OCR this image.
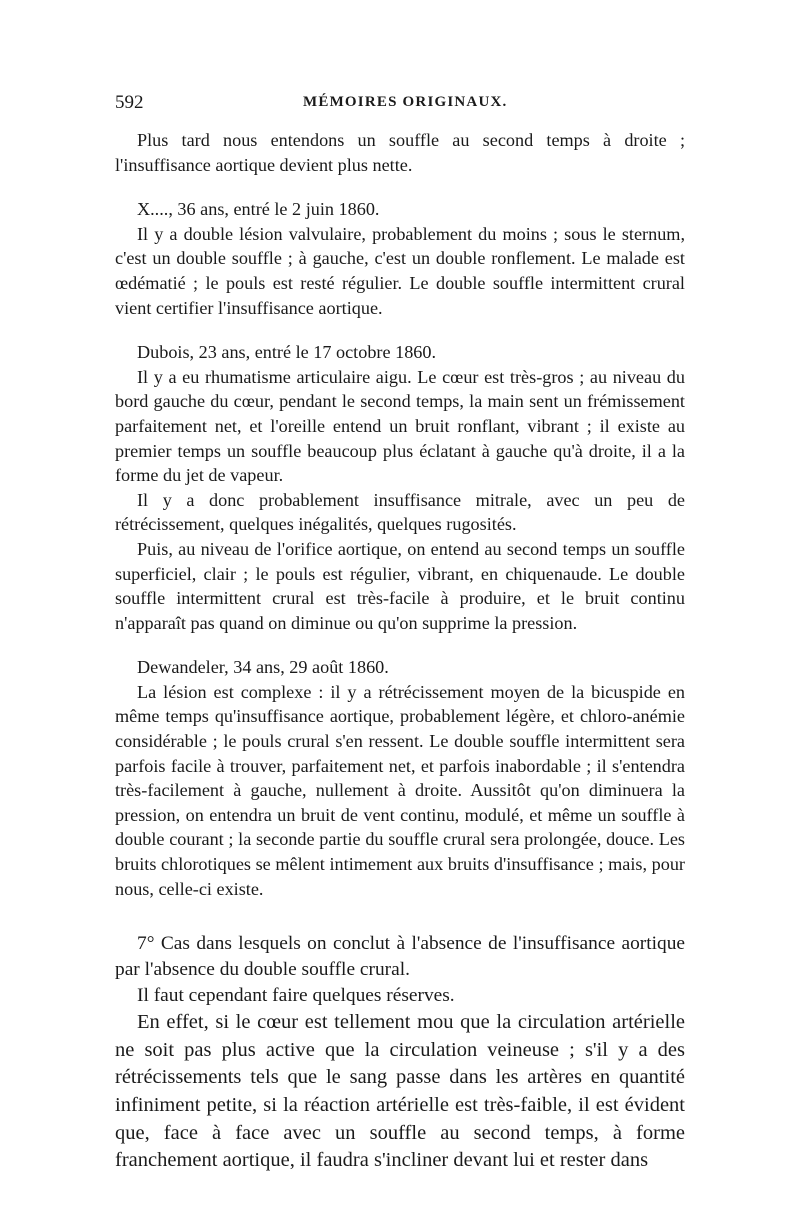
592	MÉMOIRES ORIGINAUX.

Plus tard nous entendons un souffle au second temps à droite ; l'insuffisance aortique devient plus nette.

X...., 36 ans, entré le 2 juin 1860.

Il y a double lésion valvulaire, probablement du moins ; sous le sternum, c'est un double souffle ; à gauche, c'est un double ronflement. Le malade est œdématié ; le pouls est resté régulier. Le double souffle intermittent crural vient certifier l'insuffisance aortique.

Dubois, 23 ans, entré le 17 octobre 1860.

Il y a eu rhumatisme articulaire aigu. Le cœur est très-gros ; au niveau du bord gauche du cœur, pendant le second temps, la main sent un frémissement parfaitement net, et l'oreille entend un bruit ronflant, vibrant ; il existe au premier temps un souffle beaucoup plus éclatant à gauche qu'à droite, il a la forme du jet de vapeur.

Il y a donc probablement insuffisance mitrale, avec un peu de rétrécissement, quelques inégalités, quelques rugosités.

Puis, au niveau de l'orifice aortique, on entend au second temps un souffle superficiel, clair ; le pouls est régulier, vibrant, en chiquenaude. Le double souffle intermittent crural est très-facile à produire, et le bruit continu n'apparaît pas quand on diminue ou qu'on supprime la pression.

Dewandeler, 34 ans, 29 août 1860.

La lésion est complexe : il y a rétrécissement moyen de la bicuspide en même temps qu'insuffisance aortique, probablement légère, et chloro-anémie considérable ; le pouls crural s'en ressent. Le double souffle intermittent sera parfois facile à trouver, parfaitement net, et parfois inabordable ; il s'entendra très-facilement à gauche, nullement à droite. Aussitôt qu'on diminuera la pression, on entendra un bruit de vent continu, modulé, et même un souffle à double courant ; la seconde partie du souffle crural sera prolongée, douce. Les bruits chlorotiques se mêlent intimement aux bruits d'insuffisance ; mais, pour nous, celle-ci existe.

7° Cas dans lesquels on conclut à l'absence de l'insuffisance aortique par l'absence du double souffle crural.

Il faut cependant faire quelques réserves.

En effet, si le cœur est tellement mou que la circulation artérielle ne soit pas plus active que la circulation veineuse ; s'il y a des rétrécissements tels que le sang passe dans les artères en quantité infiniment petite, si la réaction artérielle est très-faible, il est évident que, face à face avec un souffle au second temps, à forme franchement aortique, il faudra s'incliner devant lui et rester dans
